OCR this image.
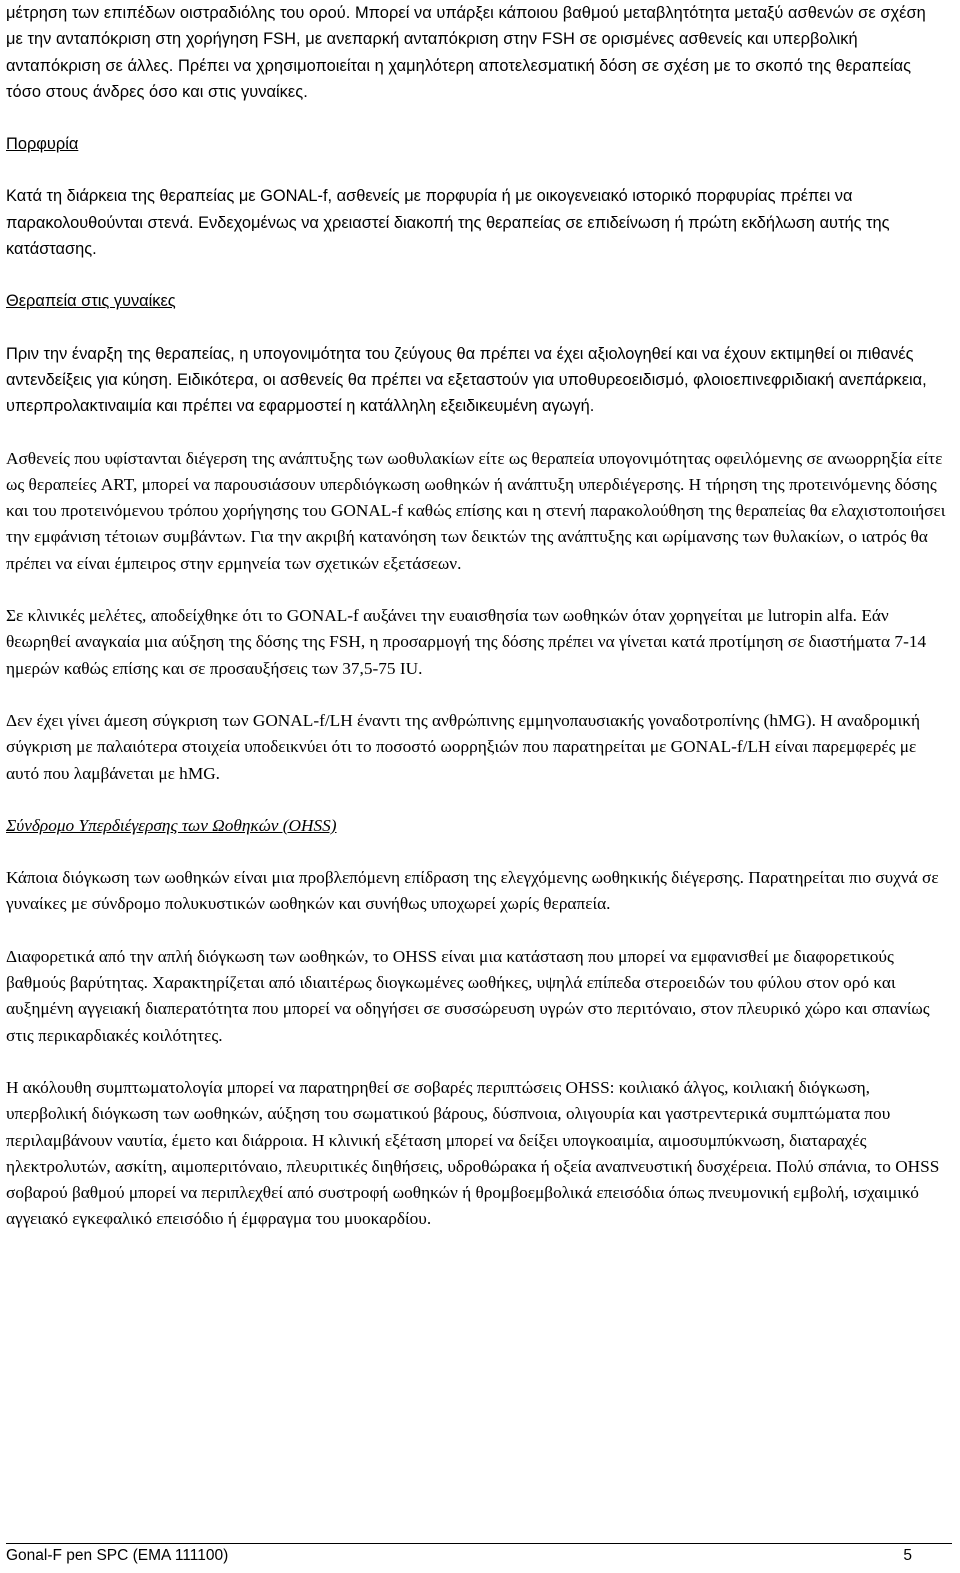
μέτρηση των επιπέδων οιστραδιόλης του ορού. Μπορεί να υπάρξει κάποιου βαθμού μεταβλητότητα μεταξύ ασθενών σε σχέση με την ανταπόκριση στη χορήγηση FSH, με ανεπαρκή ανταπόκριση στην FSH σε ορισμένες ασθενείς και υπερβολική ανταπόκριση σε άλλες. Πρέπει να χρησιμοποιείται η χαμηλότερη αποτελεσματική δόση σε σχέση με το σκοπό της θεραπείας τόσο στους άνδρες όσο και στις γυναίκες.

Πορφυρία

Κατά τη διάρκεια της θεραπείας με GONAL-f, ασθενείς με πορφυρία ή με οικογενειακό ιστορικό πορφυρίας πρέπει να παρακολουθούνται στενά. Ενδεχομένως να χρειαστεί διακοπή της θεραπείας σε επιδείνωση ή πρώτη εκδήλωση αυτής της κατάστασης.

Θεραπεία στις γυναίκες

Πριν την έναρξη της θεραπείας, η υπογονιμότητα του ζεύγους θα πρέπει να έχει αξιολογηθεί και να έχουν εκτιμηθεί οι πιθανές αντενδείξεις για κύηση. Ειδικότερα, οι ασθενείς θα πρέπει να εξεταστούν για υποθυρεοειδισμό, φλοιοεπινεφριδιακή ανεπάρκεια, υπερπρολακτιναιμία και πρέπει να εφαρμοστεί η κατάλληλη εξειδικευμένη αγωγή.

Ασθενείς που υφίστανται διέγερση της ανάπτυξης των ωοθυλακίων είτε ως θεραπεία υπογονιμότητας οφειλόμενης σε ανωορρηξία είτε ως θεραπείες ART, μπορεί να παρουσιάσουν υπερδιόγκωση ωοθηκών ή ανάπτυξη υπερδιέγερσης. Η τήρηση της προτεινόμενης δόσης και του προτεινόμενου τρόπου χορήγησης του GONAL-f καθώς επίσης και η στενή παρακολούθηση της θεραπείας θα ελαχιστοποιήσει την εμφάνιση τέτοιων συμβάντων. Για την ακριβή κατανόηση των δεικτών της ανάπτυξης και ωρίμανσης των θυλακίων, ο ιατρός θα πρέπει να είναι έμπειρος στην ερμηνεία των σχετικών εξετάσεων.

Σε κλινικές μελέτες, αποδείχθηκε ότι το GONAL-f αυξάνει την ευαισθησία των ωοθηκών όταν χορηγείται με lutropin alfa. Εάν θεωρηθεί αναγκαία μια αύξηση της δόσης της FSH, η προσαρμογή της δόσης πρέπει να γίνεται κατά προτίμηση σε διαστήματα 7-14 ημερών καθώς επίσης και σε προσαυξήσεις των 37,5-75 IU.

Δεν έχει γίνει άμεση σύγκριση των GONAL-f/LH έναντι της ανθρώπινης εμμηνοπαυσιακής γοναδοτροπίνης (hMG). Η αναδρομική σύγκριση με παλαιότερα στοιχεία υποδεικνύει ότι το ποσοστό ωορρηξιών που παρατηρείται με GONAL-f/LH είναι παρεμφερές με αυτό που λαμβάνεται με hMG.

Σύνδρομο Υπερδιέγερσης των Ωοθηκών (OHSS)

Κάποια διόγκωση των ωοθηκών είναι μια προβλεπόμενη επίδραση της ελεγχόμενης ωοθηκικής διέγερσης. Παρατηρείται πιο συχνά σε γυναίκες με σύνδρομο πολυκυστικών ωοθηκών και συνήθως υποχωρεί χωρίς θεραπεία.

Διαφορετικά από την απλή διόγκωση των ωοθηκών, το OHSS είναι μια κατάσταση που μπορεί να εμφανισθεί με διαφορετικούς βαθμούς βαρύτητας. Χαρακτηρίζεται από ιδιαιτέρως διογκωμένες ωοθήκες, υψηλά επίπεδα στεροειδών του φύλου στον ορό και αυξημένη αγγειακή διαπερατότητα που μπορεί να οδηγήσει σε συσσώρευση υγρών στο περιτόναιο, στον πλευρικό χώρο και σπανίως στις περικαρδιακές κοιλότητες.

Η ακόλουθη συμπτωματολογία μπορεί να παρατηρηθεί σε σοβαρές περιπτώσεις OHSS: κοιλιακό άλγος, κοιλιακή διόγκωση, υπερβολική διόγκωση των ωοθηκών, αύξηση του σωματικού βάρους, δύσπνοια, ολιγουρία και γαστρεντερικά συμπτώματα που περιλαμβάνουν ναυτία, έμετο και διάρροια. Η κλινική εξέταση μπορεί να δείξει υπογκοαιμία, αιμοσυμπύκνωση, διαταραχές ηλεκτρολυτών, ασκίτη, αιμοπεριτόναιο, πλευριτικές διηθήσεις, υδροθώρακα ή οξεία αναπνευστική δυσχέρεια. Πολύ σπάνια, το OHSS σοβαρού βαθμού μπορεί να περιπλεχθεί από συστροφή ωοθηκών ή θρομβοεμβολικά επεισόδια όπως πνευμονική εμβολή, ισχαιμικό αγγειακό εγκεφαλικό επεισόδιο ή έμφραγμα του μυοκαρδίου.

Gonal-F pen SPC (EMA 111100)	5
